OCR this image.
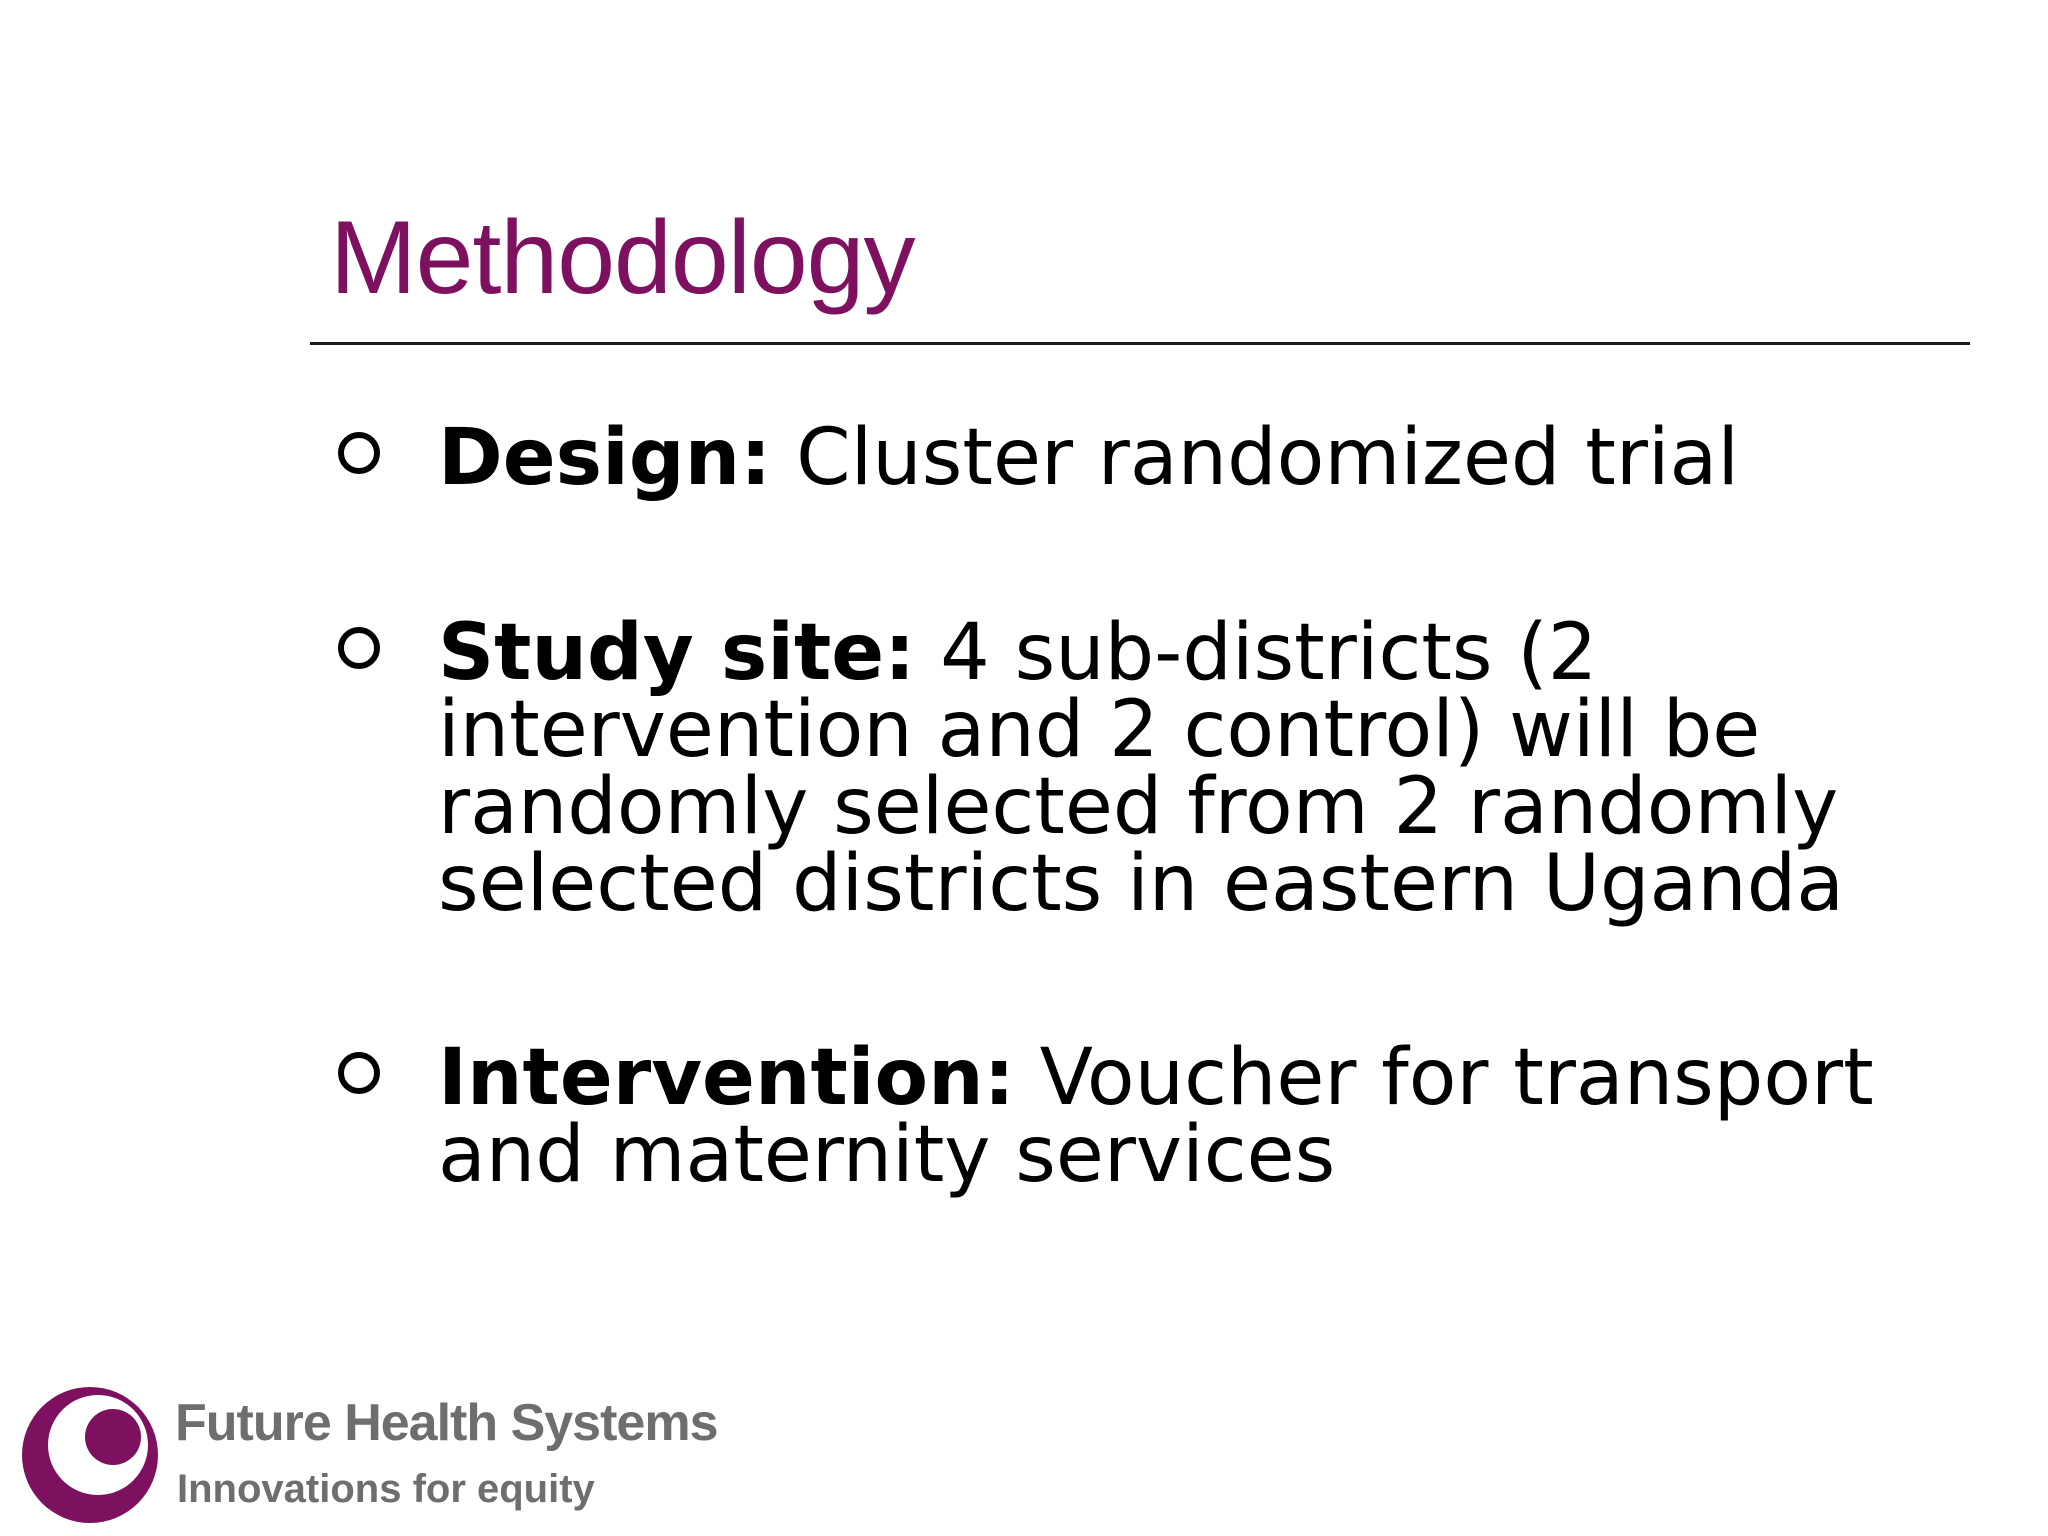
Methodology
Design: Cluster randomized trial
Study site: 4 sub-districts (2 intervention and 2 control) will be randomly selected from 2 randomly selected districts in eastern Uganda
Intervention: Voucher for transport and maternity services
Future Health Systems
Innovations for equity
